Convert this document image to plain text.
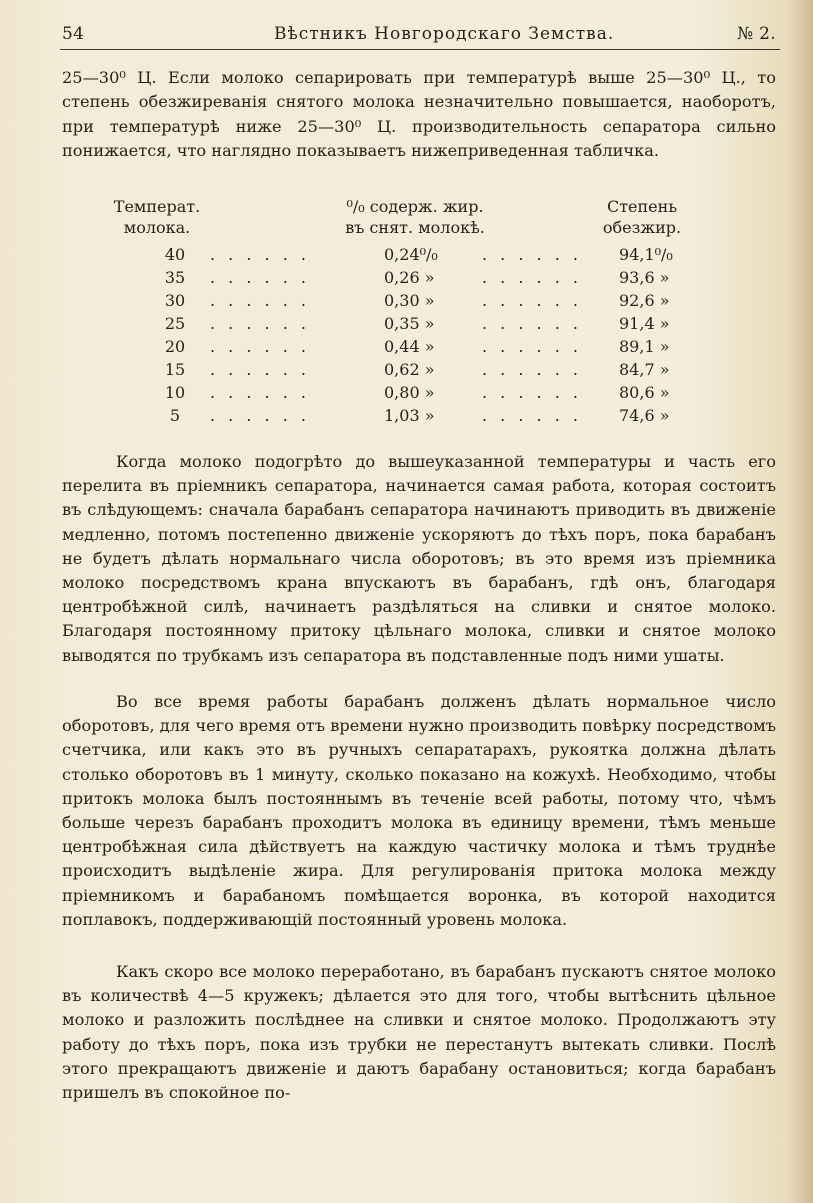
54	Вѣстникъ Новгородскаго Земства.	№ 2.

25—30⁰ Ц. Если молоко сепарировать при температурѣ выше 25—30⁰ Ц., то степень обезжиреванія снятого молока незначительно повышается, наоборотъ, при температурѣ ниже 25—30⁰ Ц. производительность сепаратора сильно понижается, что наглядно показываетъ нижеприведенная табличка.

Температ.
молока.
⁰/₀ содерж. жир.
въ снят. молокѣ.
Степень
обезжир.
40	. . . . . .	0,24⁰/₀	. . . . . .	94,1⁰/₀
35	. . . . . .	0,26 »	. . . . . .	93,6 »
30	. . . . . .	0,30 »	. . . . . .	92,6 »
25	. . . . . .	0,35 »	. . . . . .	91,4 »
20	. . . . . .	0,44 »	. . . . . .	89,1 »
15	. . . . . .	0,62 »	. . . . . .	84,7 »
10	. . . . . .	0,80 »	. . . . . .	80,6 »
5	. . . . . .	1,03 »	. . . . . .	74,6 »

Когда молоко подогрѣто до вышеуказанной температуры и часть его перелита въ пріемникъ сепаратора, начинается самая работа, которая состоитъ въ слѣдующемъ: сначала барабанъ сепаратора начинаютъ приводить въ движеніе медленно, потомъ постепенно движеніе ускоряютъ до тѣхъ поръ, пока барабанъ не будетъ дѣлать нормальнаго числа оборотовъ; въ это время изъ пріемника молоко посредствомъ крана впускаютъ въ барабанъ, гдѣ онъ, благодаря центробѣжной силѣ, начинаетъ раздѣляться на сливки и снятое молоко. Благодаря постоянному притоку цѣльнаго молока, сливки и снятое молоко выводятся по трубкамъ изъ сепаратора въ подставленные подъ ними ушаты.

Во все время работы барабанъ долженъ дѣлать нормальное число оборотовъ, для чего время отъ времени нужно производить повѣрку посредствомъ счетчика, или какъ это въ ручныхъ сепаратарахъ, рукоятка должна дѣлать столько оборотовъ въ 1 минуту, сколько показано на кожухѣ. Необходимо, чтобы притокъ молока былъ постояннымъ въ теченіе всей работы, потому что, чѣмъ больше черезъ барабанъ проходитъ молока въ единицу времени, тѣмъ меньше центробѣжная сила дѣйствуетъ на каждую частичку молока и тѣмъ труднѣе происходитъ выдѣленіе жира. Для регулированія притока молока между пріемникомъ и барабаномъ помѣщается воронка, въ которой находится поплавокъ, поддерживающій постоянный уровень молока.

Какъ скоро все молоко переработано, въ барабанъ пускаютъ снятое молоко въ количествѣ 4—5 кружекъ; дѣлается это для того, чтобы вытѣснить цѣльное молоко и разложить послѣднее на сливки и снятое молоко. Продолжаютъ эту работу до тѣхъ поръ, пока изъ трубки не перестанутъ вытекать сливки. Послѣ этого прекращаютъ движеніе и даютъ барабану остановиться; когда барабанъ пришелъ въ спокойное по-
